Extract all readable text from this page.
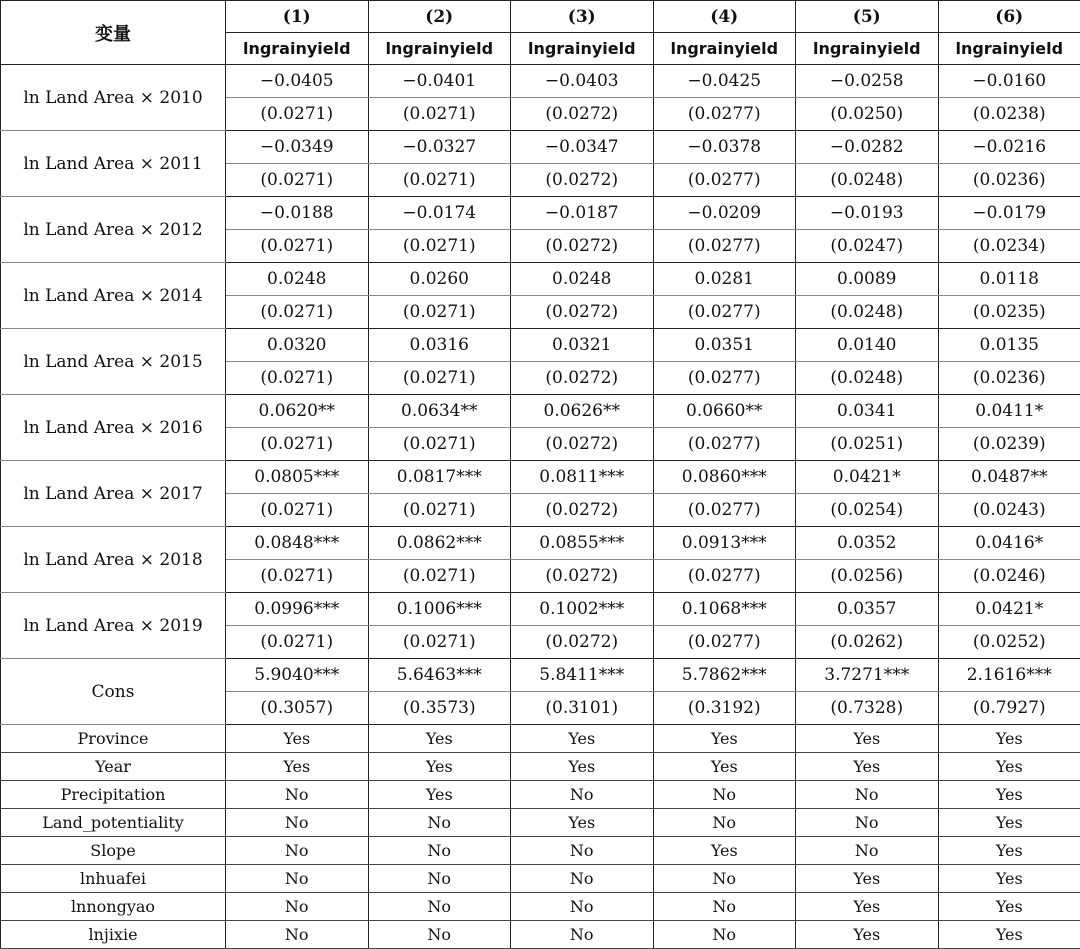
变量	(1)	(2)	(3)	(4)	(5)	(6)
	lngrainyield	lngrainyield	lngrainyield	lngrainyield	lngrainyield	lngrainyield
ln Land Area × 2010	−0.0405	−0.0401	−0.0403	−0.0425	−0.0258	−0.0160
	(0.0271)	(0.0271)	(0.0272)	(0.0277)	(0.0250)	(0.0238)
ln Land Area × 2011	−0.0349	−0.0327	−0.0347	−0.0378	−0.0282	−0.0216
	(0.0271)	(0.0271)	(0.0272)	(0.0277)	(0.0248)	(0.0236)
ln Land Area × 2012	−0.0188	−0.0174	−0.0187	−0.0209	−0.0193	−0.0179
	(0.0271)	(0.0271)	(0.0272)	(0.0277)	(0.0247)	(0.0234)
ln Land Area × 2014	0.0248	0.0260	0.0248	0.0281	0.0089	0.0118
	(0.0271)	(0.0271)	(0.0272)	(0.0277)	(0.0248)	(0.0235)
ln Land Area × 2015	0.0320	0.0316	0.0321	0.0351	0.0140	0.0135
	(0.0271)	(0.0271)	(0.0272)	(0.0277)	(0.0248)	(0.0236)
ln Land Area × 2016	0.0620**	0.0634**	0.0626**	0.0660**	0.0341	0.0411*
	(0.0271)	(0.0271)	(0.0272)	(0.0277)	(0.0251)	(0.0239)
ln Land Area × 2017	0.0805***	0.0817***	0.0811***	0.0860***	0.0421*	0.0487**
	(0.0271)	(0.0271)	(0.0272)	(0.0277)	(0.0254)	(0.0243)
ln Land Area × 2018	0.0848***	0.0862***	0.0855***	0.0913***	0.0352	0.0416*
	(0.0271)	(0.0271)	(0.0272)	(0.0277)	(0.0256)	(0.0246)
ln Land Area × 2019	0.0996***	0.1006***	0.1002***	0.1068***	0.0357	0.0421*
	(0.0271)	(0.0271)	(0.0272)	(0.0277)	(0.0262)	(0.0252)
Cons	5.9040***	5.6463***	5.8411***	5.7862***	3.7271***	2.1616***
	(0.3057)	(0.3573)	(0.3101)	(0.3192)	(0.7328)	(0.7927)
Province	Yes	Yes	Yes	Yes	Yes	Yes
Year	Yes	Yes	Yes	Yes	Yes	Yes
Precipitation	No	Yes	No	No	No	Yes
Land_potentiality	No	No	Yes	No	No	Yes
Slope	No	No	No	Yes	No	Yes
lnhuafei	No	No	No	No	Yes	Yes
lnnongyao	No	No	No	No	Yes	Yes
lnjixie	No	No	No	No	Yes	Yes
